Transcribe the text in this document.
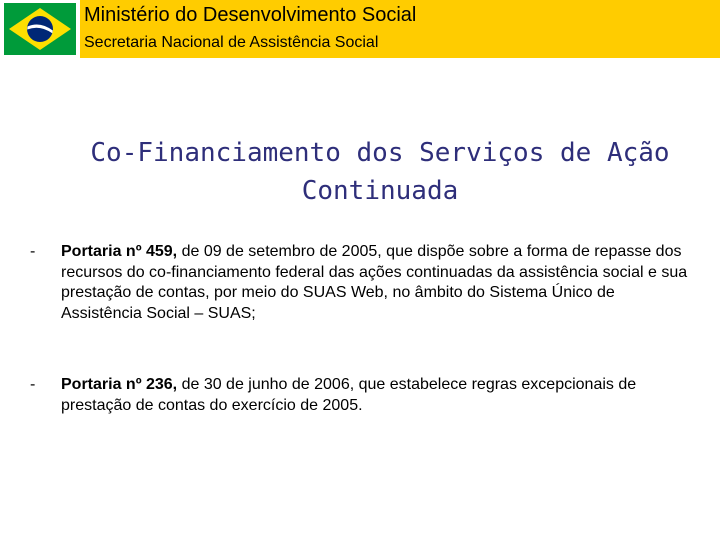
Ministério do Desenvolvimento Social
Secretaria Nacional de Assistência Social
Co-Financiamento dos Serviços de Ação
Continuada
- Portaria nº 459, de 09 de setembro de 2005, que dispõe sobre a forma de repasse dos recursos do co-financiamento federal das ações continuadas da assistência social e sua prestação de contas, por meio do SUAS Web, no âmbito do Sistema Único de Assistência Social – SUAS;
- Portaria nº 236, de 30 de junho de 2006, que estabelece regras excepcionais de prestação de contas do exercício de 2005.
